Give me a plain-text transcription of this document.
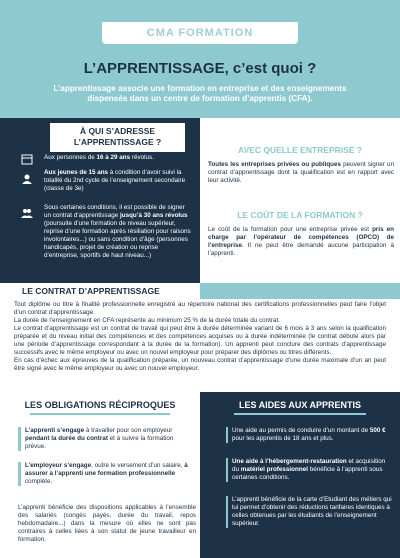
CMA FORMATION
L’APPRENTISSAGE, c’est quoi ?
L’apprentissage associe une formation en entreprise et des enseignements dispensés dans un centre de formation d’apprentis (CFA).
À QUI S’ADRESSE L’APPRENTISSAGE ?
Aux personnes de 16 à 29 ans révolus.
Aux jeunes de 15 ans à condition d’avoir suivi la totalité du 2nd cycle de l’enseignement secondaire (classe de 3e)
Sous certaines conditions, il est possible de signer un contrat d’apprentissage jusqu’à 30 ans révolus (poursuite d’une formation de niveau supérieur, reprise d’une formation après résiliation pour raisons involontaires...) ou sans condition d’âge (personnes handicapés, projet de création ou reprise d’entreprise, sportifs de haut niveau...)
AVEC QUELLE ENTREPRISE ?
Toutes les entreprises privées ou publiques peuvent signer un contrat d’apprentissage dont la qualification est en rapport avec leur activité.
LE COÛT DE LA FORMATION ?
Le coût de la formation pour une entreprise privée est pris en charge par l’opérateur de compétences (OPCO) de l’entreprise. Il ne peut être demandé aucune participation à l’apprenti.
LE CONTRAT D’APPRENTISSAGE
Tout diplôme ou titre à finalité professionnelle enregistré au répertoire national des certifications professionnelles peut faire l’objet d’un contrat d’apprentissage.
La durée de l’enseignement en CFA représente au minimum 25 % de la durée totale du contrat.
Le contrat d’apprentissage est un contrat de travail qui peut être à durée déterminée variant de 6 mois à 3 ans selon la qualification préparée et du niveau initial des compétences et des compétences acquises ou à durée indéterminée (le contrat débute alors par une période d’apprentissage correspondant à la durée de la formation). Un apprenti peut conclure des contrats d’apprentissage successifs avec le même employeur ou avec un nouvel employeur pour préparer des diplômes ou titres différents.
En cas d’échec aux épreuves de la qualification préparée, un nouveau contrat d’apprentissage d’une durée maximale d’un an peut être signé avec le même employeur ou avec un nouvel employeur.
LES OBLIGATIONS RÉCIPROQUES
L’apprenti s’engage à travailler pour son employeur pendant la durée du contrat et à suivre la formation prévue.
L’employeur s’engage, outre le versement d’un salaire, à assurer à l’apprenti une formation professionnelle complète.
L’apprenti bénéficie des dispositions applicables à l’ensemble des salariés (congés payés, durée du travail, repos hebdomadaire...) dans la mesure où elles ne sont pas contraires à celles liées à son statut de jeune travailleur en formation.
LES AIDES AUX APPRENTIS
Une aide au permis de conduire d’un montant de 500 € pour les apprentis de 18 ans et plus.
Une aide à l’hébergement-restauration et acquisition du matériel professionnel bénéficie à l’apprenti sous certaines conditions.
L’apprenti bénéficie de la carte d’Etudiant des métiers qui lui permet d’obtenir des réductions tarifaires identiques à celles obtenues par les étudiants de l’enseignement supérieur.
